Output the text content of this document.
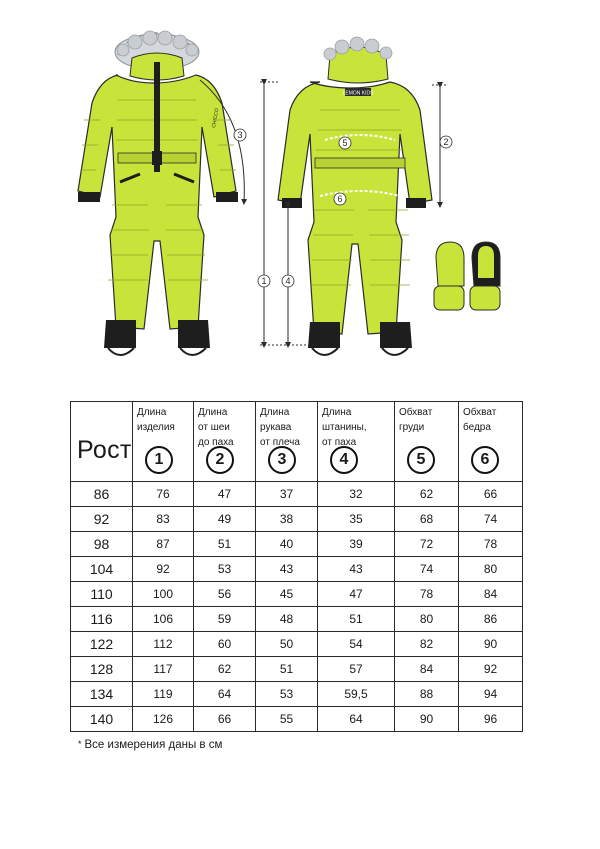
LEMON KIDS
1
2
3
4
5
6
CHICCO
Рост	Длина
изделия
1	Длина
от шеи
до паха
2	Длина
рукава
от плеча
3	Длина
штанины,
от паха
4	Обхват
груди
5	Обхват
бедра
6

86	76	47	37	32	62	66
92	83	49	38	35	68	74
98	87	51	40	39	72	78
104	92	53	43	43	74	80
110	100	56	45	47	78	84
116	106	59	48	51	80	86
122	112	60	50	54	82	90
128	117	62	51	57	84	92
134	119	64	53	59,5	88	94
140	126	66	55	64	90	96
* Все измерения даны в см
